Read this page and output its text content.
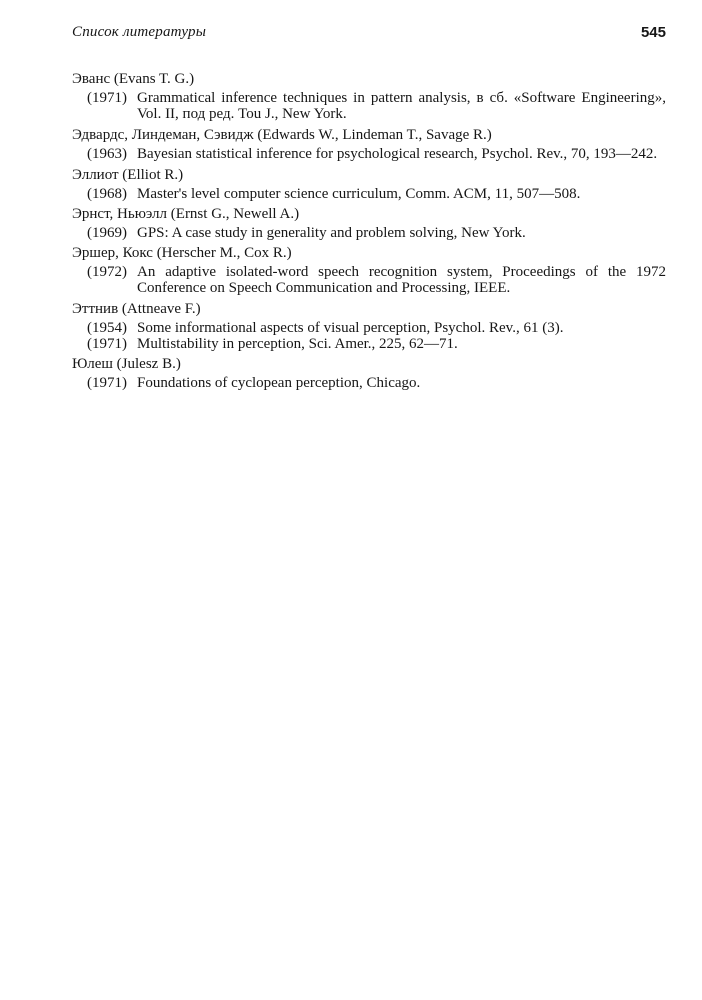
Список литературы	545
Эванс (Evans T. G.)
(1971) Grammatical inference techniques in pattern analysis, в сб. «Software Engineering», Vol. II, под ред. Tou J., New York.
Эдвардс, Линдеман, Сэвидж (Edwards W., Lindeman T., Savage R.)
(1963) Bayesian statistical inference for psychological research, Psychol. Rev., 70, 193—242.
Эллиот (Elliot R.)
(1968) Master's level computer science curriculum, Comm. ACM, 11, 507—508.
Эрнст, Ньюэлл (Ernst G., Newell A.)
(1969) GPS: A case study in generality and problem solving, New York.
Эршер, Кокс (Herscher M., Cox R.)
(1972) An adaptive isolated-word speech recognition system, Proceedings of the 1972 Conference on Speech Communication and Processing, IEEE.
Эттнив (Attneave F.)
(1954) Some informational aspects of visual perception, Psychol. Rev., 61 (3).
(1971) Multistability in perception, Sci. Amer., 225, 62—71.
Юлеш (Julesz B.)
(1971) Foundations of cyclopean perception, Chicago.
